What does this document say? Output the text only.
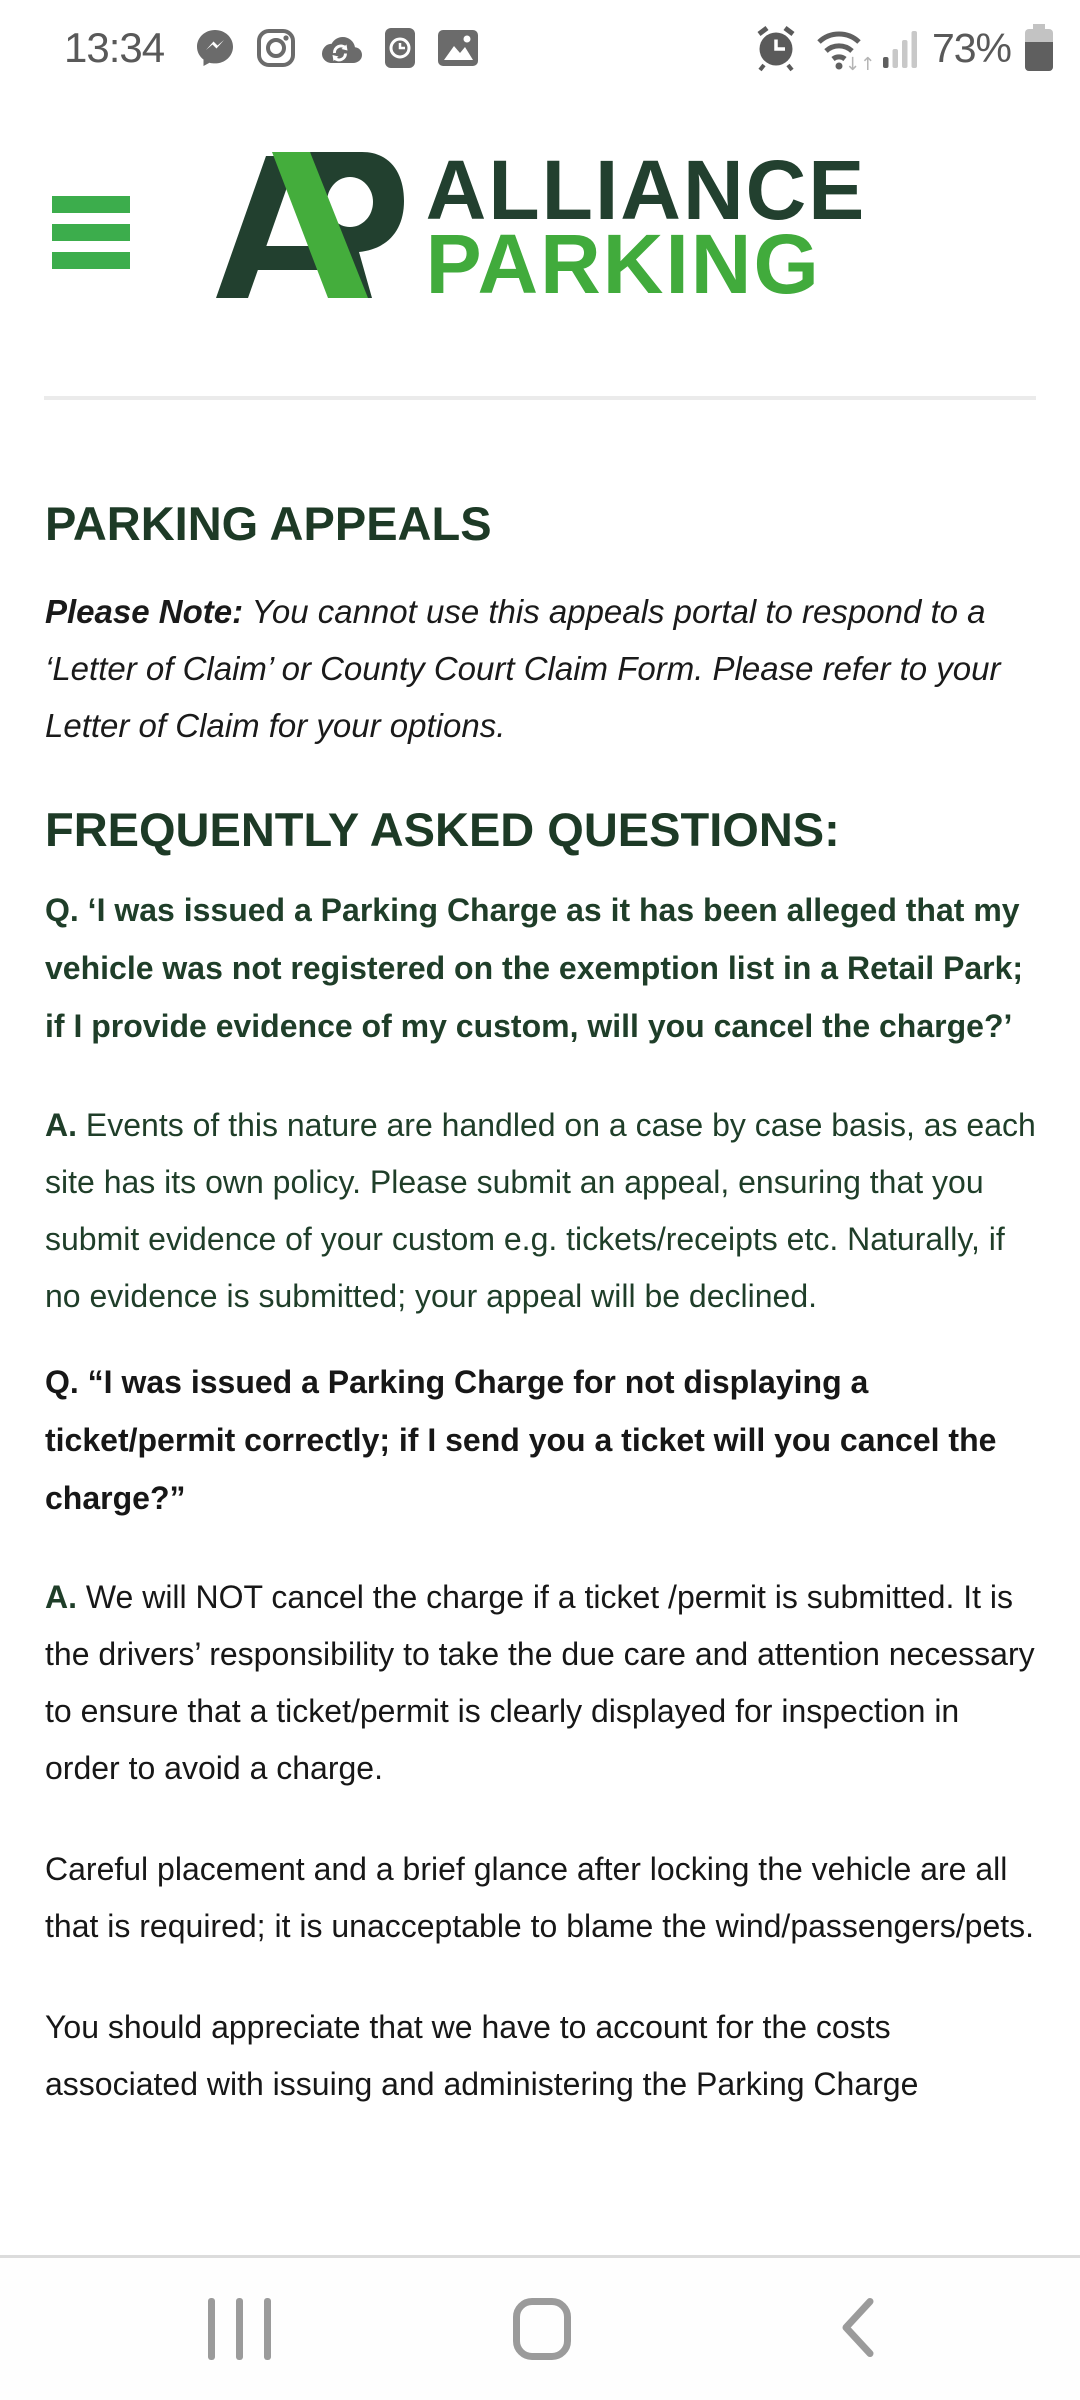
13:34	↓↑ 73%
ALLIANCE
PARKING
PARKING APPEALS

Please Note: You cannot use this appeals portal to respond to a ‘Letter of Claim’ or County Court Claim Form. Please refer to your Letter of Claim for your options.

FREQUENTLY ASKED QUESTIONS:

Q. ‘I was issued a Parking Charge as it has been alleged that my vehicle was not registered on the exemption list in a Retail Park; if I provide evidence of my custom, will you cancel the charge?’

A. Events of this nature are handled on a case by case basis, as each site has its own policy. Please submit an appeal, ensuring that you submit evidence of your custom e.g. tickets/receipts etc. Naturally, if no evidence is submitted; your appeal will be declined.

Q. “I was issued a Parking Charge for not displaying a ticket/permit correctly; if I send you a ticket will you cancel the charge?”

A. We will NOT cancel the charge if a ticket /permit is submitted. It is the drivers’ responsibility to take the due care and attention necessary to ensure that a ticket/permit is clearly displayed for inspection in order to avoid a charge.

Careful placement and a brief glance after locking the vehicle are all that is required; it is unacceptable to blame the wind/passengers/pets.

You should appreciate that we have to account for the costs associated with issuing and administering the Parking Charge
